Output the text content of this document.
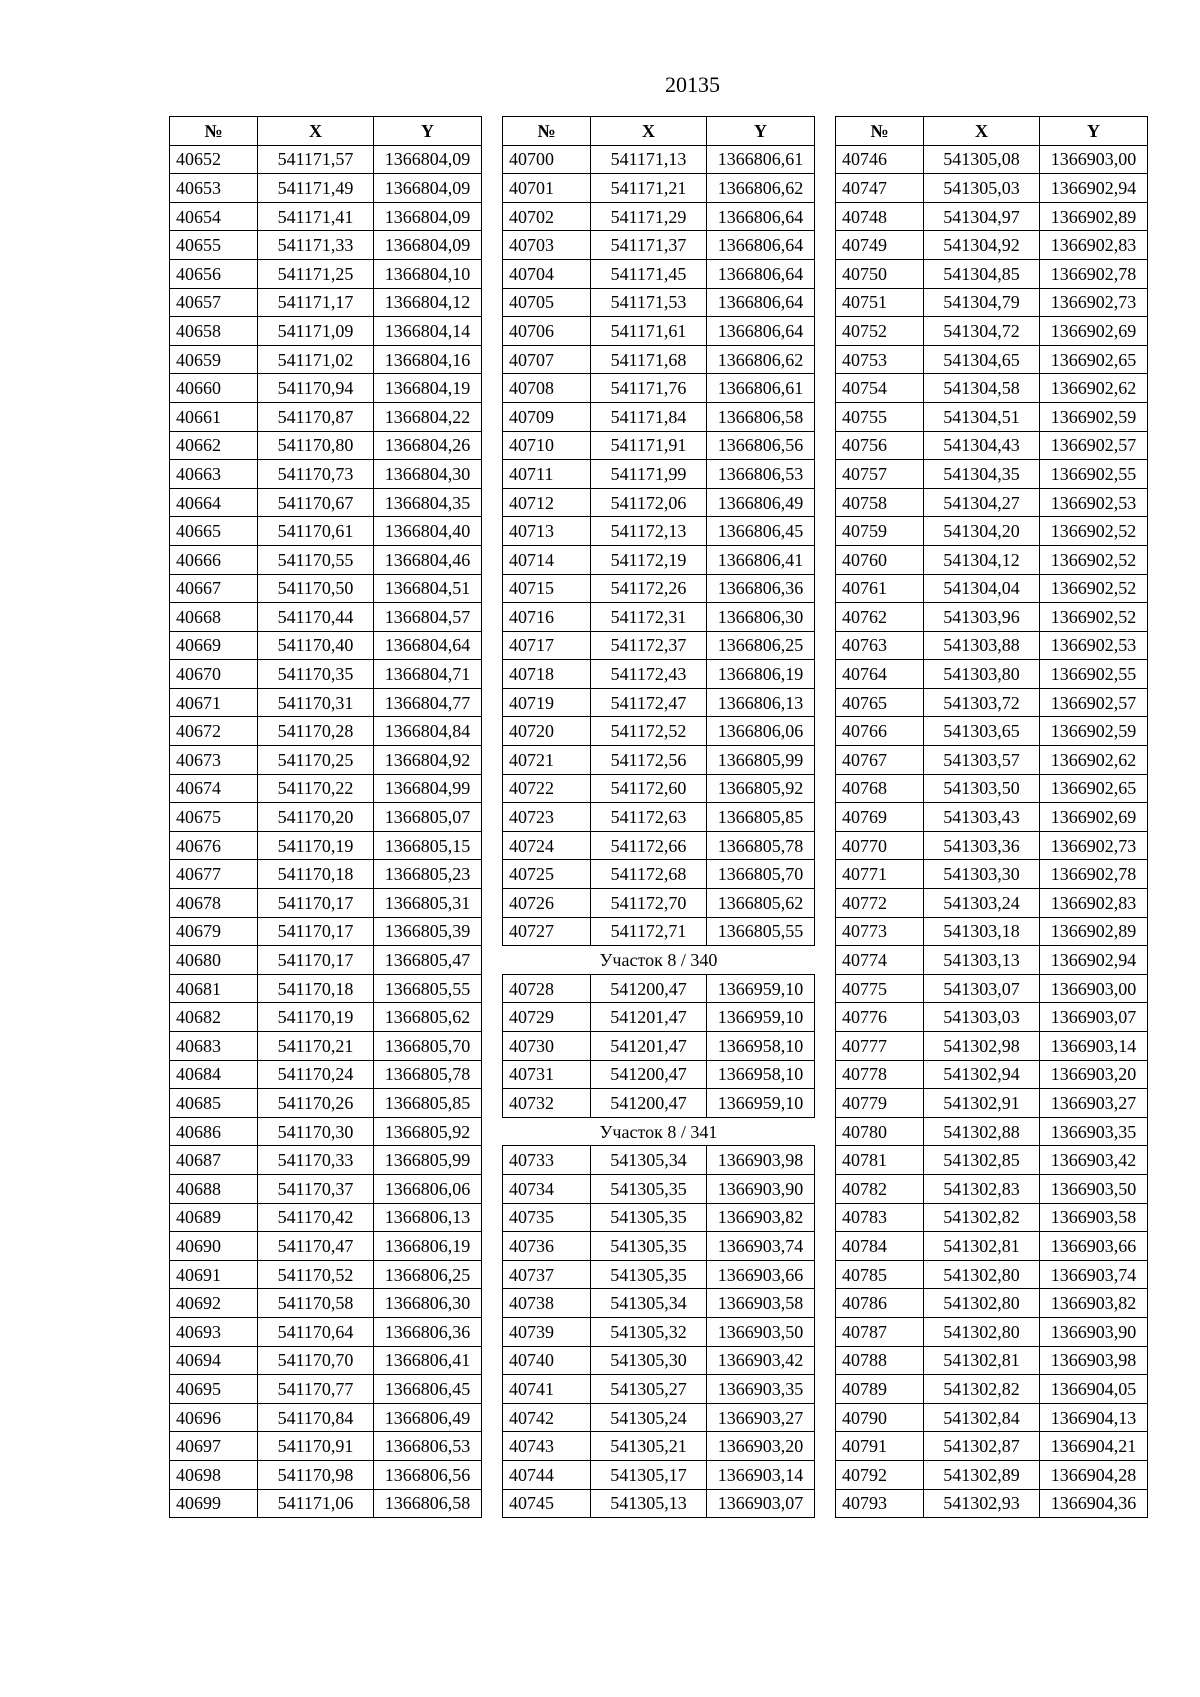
20135
№	X	Y
40652	541171,57	1366804,09
40653	541171,49	1366804,09
40654	541171,41	1366804,09
40655	541171,33	1366804,09
40656	541171,25	1366804,10
40657	541171,17	1366804,12
40658	541171,09	1366804,14
40659	541171,02	1366804,16
40660	541170,94	1366804,19
40661	541170,87	1366804,22
40662	541170,80	1366804,26
40663	541170,73	1366804,30
40664	541170,67	1366804,35
40665	541170,61	1366804,40
40666	541170,55	1366804,46
40667	541170,50	1366804,51
40668	541170,44	1366804,57
40669	541170,40	1366804,64
40670	541170,35	1366804,71
40671	541170,31	1366804,77
40672	541170,28	1366804,84
40673	541170,25	1366804,92
40674	541170,22	1366804,99
40675	541170,20	1366805,07
40676	541170,19	1366805,15
40677	541170,18	1366805,23
40678	541170,17	1366805,31
40679	541170,17	1366805,39
40680	541170,17	1366805,47
40681	541170,18	1366805,55
40682	541170,19	1366805,62
40683	541170,21	1366805,70
40684	541170,24	1366805,78
40685	541170,26	1366805,85
40686	541170,30	1366805,92
40687	541170,33	1366805,99
40688	541170,37	1366806,06
40689	541170,42	1366806,13
40690	541170,47	1366806,19
40691	541170,52	1366806,25
40692	541170,58	1366806,30
40693	541170,64	1366806,36
40694	541170,70	1366806,41
40695	541170,77	1366806,45
40696	541170,84	1366806,49
40697	541170,91	1366806,53
40698	541170,98	1366806,56
40699	541171,06	1366806,58
№	X	Y
40700	541171,13	1366806,61
40701	541171,21	1366806,62
40702	541171,29	1366806,64
40703	541171,37	1366806,64
40704	541171,45	1366806,64
40705	541171,53	1366806,64
40706	541171,61	1366806,64
40707	541171,68	1366806,62
40708	541171,76	1366806,61
40709	541171,84	1366806,58
40710	541171,91	1366806,56
40711	541171,99	1366806,53
40712	541172,06	1366806,49
40713	541172,13	1366806,45
40714	541172,19	1366806,41
40715	541172,26	1366806,36
40716	541172,31	1366806,30
40717	541172,37	1366806,25
40718	541172,43	1366806,19
40719	541172,47	1366806,13
40720	541172,52	1366806,06
40721	541172,56	1366805,99
40722	541172,60	1366805,92
40723	541172,63	1366805,85
40724	541172,66	1366805,78
40725	541172,68	1366805,70
40726	541172,70	1366805,62
40727	541172,71	1366805,55
Участок 8 / 340		
40728	541200,47	1366959,10
40729	541201,47	1366959,10
40730	541201,47	1366958,10
40731	541200,47	1366958,10
40732	541200,47	1366959,10
Участок 8 / 341		
40733	541305,34	1366903,98
40734	541305,35	1366903,90
40735	541305,35	1366903,82
40736	541305,35	1366903,74
40737	541305,35	1366903,66
40738	541305,34	1366903,58
40739	541305,32	1366903,50
40740	541305,30	1366903,42
40741	541305,27	1366903,35
40742	541305,24	1366903,27
40743	541305,21	1366903,20
40744	541305,17	1366903,14
40745	541305,13	1366903,07
№	X	Y
40746	541305,08	1366903,00
40747	541305,03	1366902,94
40748	541304,97	1366902,89
40749	541304,92	1366902,83
40750	541304,85	1366902,78
40751	541304,79	1366902,73
40752	541304,72	1366902,69
40753	541304,65	1366902,65
40754	541304,58	1366902,62
40755	541304,51	1366902,59
40756	541304,43	1366902,57
40757	541304,35	1366902,55
40758	541304,27	1366902,53
40759	541304,20	1366902,52
40760	541304,12	1366902,52
40761	541304,04	1366902,52
40762	541303,96	1366902,52
40763	541303,88	1366902,53
40764	541303,80	1366902,55
40765	541303,72	1366902,57
40766	541303,65	1366902,59
40767	541303,57	1366902,62
40768	541303,50	1366902,65
40769	541303,43	1366902,69
40770	541303,36	1366902,73
40771	541303,30	1366902,78
40772	541303,24	1366902,83
40773	541303,18	1366902,89
40774	541303,13	1366902,94
40775	541303,07	1366903,00
40776	541303,03	1366903,07
40777	541302,98	1366903,14
40778	541302,94	1366903,20
40779	541302,91	1366903,27
40780	541302,88	1366903,35
40781	541302,85	1366903,42
40782	541302,83	1366903,50
40783	541302,82	1366903,58
40784	541302,81	1366903,66
40785	541302,80	1366903,74
40786	541302,80	1366903,82
40787	541302,80	1366903,90
40788	541302,81	1366903,98
40789	541302,82	1366904,05
40790	541302,84	1366904,13
40791	541302,87	1366904,21
40792	541302,89	1366904,28
40793	541302,93	1366904,36
